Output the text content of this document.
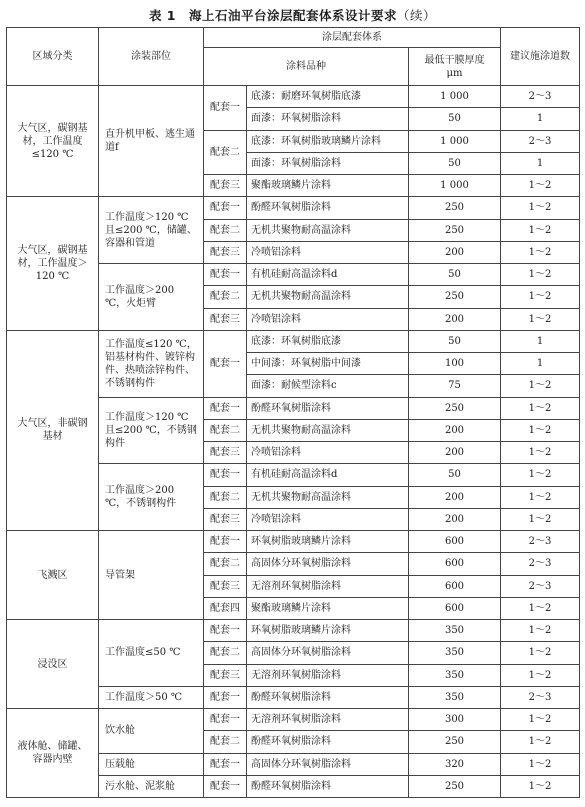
表 1　海上石油平台涂层配套体系设计要求（续）
区域分类	涂装部位	涂层配套体系			建议施涂道数
		涂料品种		最低干膜厚度
μm	

大气区，碳钢基材，工作温度≤120 ℃	直升机甲板、逃生通道f	配套一	底漆：耐磨环氧树脂底漆	1 000	2～3
			面漆：环氧树脂涂料	50	1
		配套二	底漆：环氧树脂玻璃鳞片涂料	1 000	2～3
			面漆：环氧树脂涂料	50	1
		配套三	聚酯玻璃鳞片涂料	1 000	1～2
大气区，碳钢基材，工作温度＞120 ℃	工作温度＞120 ℃且≤200 ℃，储罐、容器和管道	配套一	酚醛环氧树脂涂料	250	1～2
		配套二	无机共聚物耐高温涂料	250	1～2
		配套三	冷喷铝涂料	200	1～2
	工作温度＞200 ℃，火炬臂	配套一	有机硅耐高温涂料d	50	1～2
		配套二	无机共聚物耐高温涂料	250	1～2
		配套三	冷喷铝涂料	200	1～2
大气区，非碳钢基材	工作温度≤120 ℃，铝基材构件、镀锌构件、热喷涂锌构件、不锈钢构件	配套一	底漆：环氧树脂底漆	50	1
			中间漆：环氧树脂中间漆	100	1
			面漆：耐候型涂料c	75	1～2
	工作温度＞120 ℃且≤200 ℃，不锈钢构件	配套一	酚醛环氧树脂涂料	250	1～2
		配套二	无机共聚物耐高温涂料	200	1～2
		配套三	冷喷铝涂料	200	1～2
	工作温度＞200 ℃，不锈钢构件	配套一	有机硅耐高温涂料d	50	1～2
		配套二	无机共聚物耐高温涂料	200	1～2
		配套三	冷喷铝涂料	200	1～2
飞溅区	导管架	配套一	环氧树脂玻璃鳞片涂料	600	2～3
		配套二	高固体分环氧树脂涂料	600	2～3
		配套三	无溶剂环氧树脂涂料	600	2～3
		配套四	聚酯玻璃鳞片涂料	600	1～2
浸没区	工作温度≤50 ℃	配套一	环氧树脂玻璃鳞片涂料	350	1～2
		配套二	高固体分环氧树脂涂料	350	1～2
		配套三	无溶剂环氧树脂涂料	350	1～2
	工作温度＞50 ℃	配套一	酚醛环氧树脂涂料	350	2～3
液体舱、储罐、容器内壁	饮水舱	配套一	无溶剂环氧树脂涂料	300	1～2
		配套二	酚醛环氧树脂涂料	250	1～2
	压载舱	配套一	高固体分环氧树脂涂料	320	1～2
	污水舱、泥浆舱	配套一	酚醛环氧树脂涂料	250	1～2
